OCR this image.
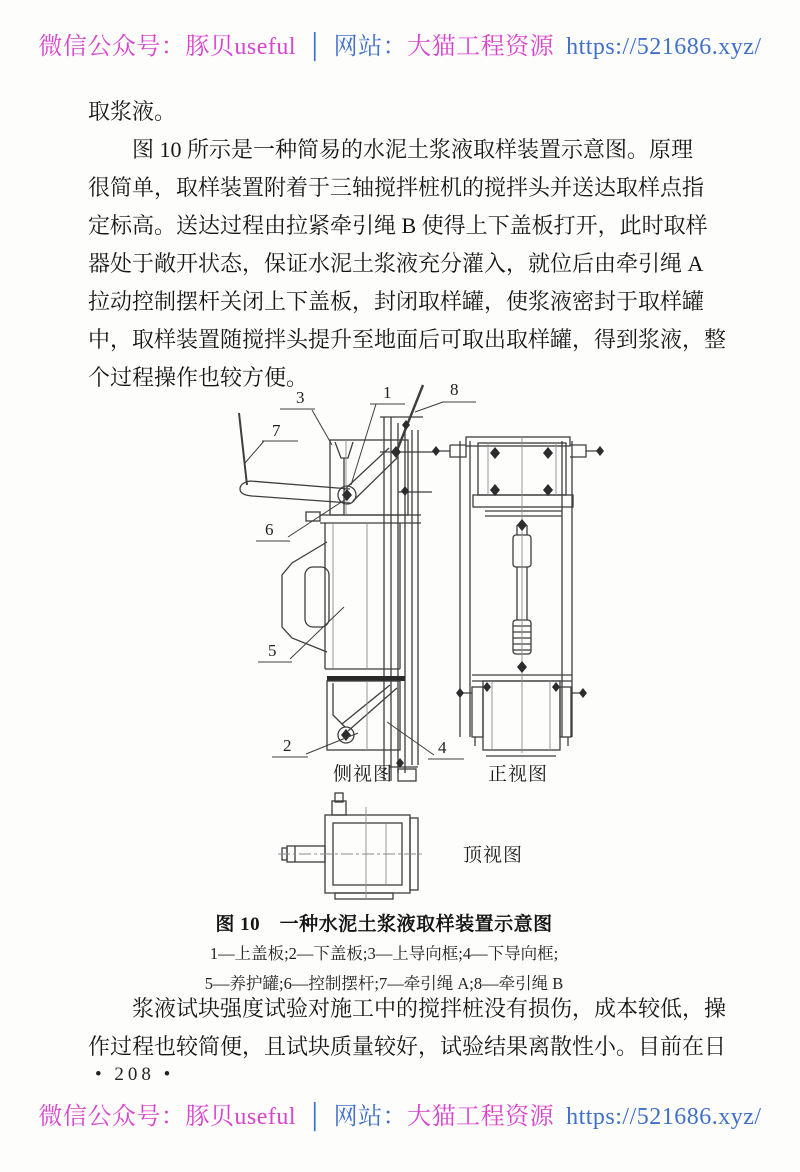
微信公众号：豚贝useful │ 网站：大猫工程资源 https://521686.xyz/
取浆液。
图 10 所示是一种简易的水泥土浆液取样装置示意图。原理
很简单，取样装置附着于三轴搅拌桩机的搅拌头并送达取样点指
定标高。送达过程由拉紧牵引绳 B 使得上下盖板打开，此时取样
器处于敞开状态，保证水泥土浆液充分灌入，就位后由牵引绳 A
拉动控制摆杆关闭上下盖板，封闭取样罐，使浆液密封于取样罐
中，取样装置随搅拌头提升至地面后可取出取样罐，得到浆液，整
个过程操作也较方便。
1
2
3
4
5
6
7
8
侧视图	正视图
顶视图
图 10　一种水泥土浆液取样装置示意图
1—上盖板;2—下盖板;3—上导向框;4—下导向框;
5—养护罐;6—控制摆杆;7—牵引绳 A;8—牵引绳 B
浆液试块强度试验对施工中的搅拌桩没有损伤，成本较低，操
作过程也较简便，且试块质量较好，试验结果离散性小。目前在日
• 208 •
微信公众号：豚贝useful │ 网站：大猫工程资源 https://521686.xyz/
